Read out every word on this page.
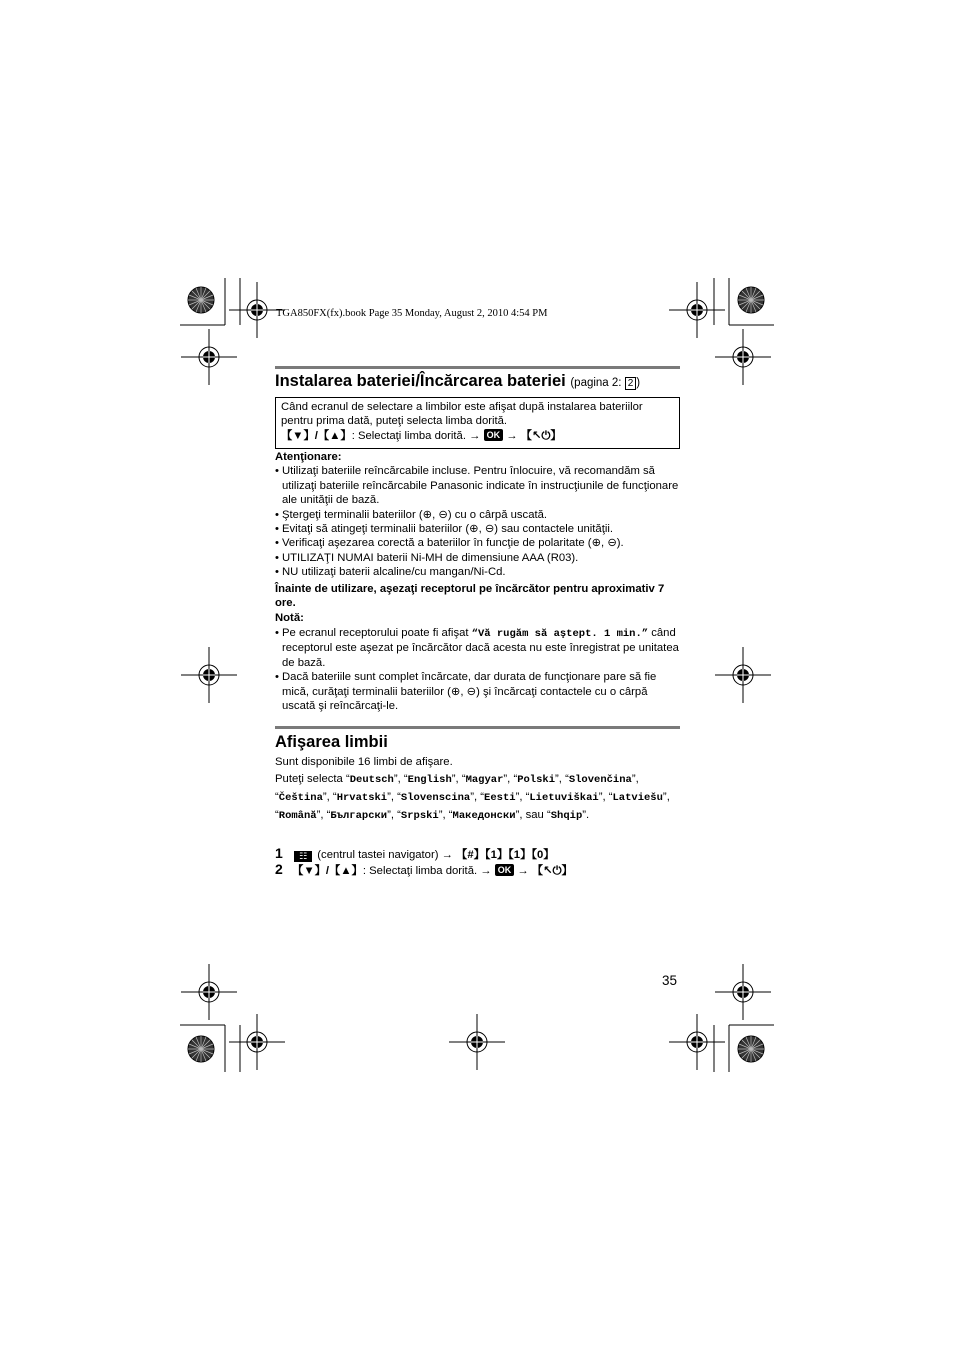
TGA850FX(fx).book Page 35 Monday, August 2, 2010 4:54 PM
Instalarea bateriei/Încărcarea bateriei (pagina 2: 2 )
Când ecranul de selectare a limbilor este afişat după instalarea bateriilor pentru prima dată, puteţi selecta limba dorită.
【▼】/【▲】: Selectaţi limba dorită. → OK → 【↖⏻】
Atenţionare:
• Utilizaţi bateriile reîncărcabile incluse. Pentru înlocuire, vă recomandăm să utilizaţi bateriile reîncărcabile Panasonic indicate în instrucţiunile de funcţionare ale unităţii de bază.
• Ştergeţi terminalii bateriilor (⊕, ⊖) cu o cârpă uscată.
• Evitaţi să atingeţi terminalii bateriilor (⊕, ⊖) sau contactele unităţii.
• Verificaţi aşezarea corectă a bateriilor în funcţie de polaritate (⊕, ⊖).
• UTILIZAŢI NUMAI baterii Ni-MH de dimensiune AAA (R03).
• NU utilizaţi baterii alcaline/cu mangan/Ni-Cd.
Înainte de utilizare, aşezaţi receptorul pe încărcător pentru aproximativ 7 ore.
Notă:
• Pe ecranul receptorului poate fi afişat “Vă rugăm să aştept. 1 min.” când receptorul este aşezat pe încărcător dacă acesta nu este înregistrat pe unitatea de bază.
• Dacă bateriile sunt complet încărcate, dar durata de funcţionare pare să fie mică, curăţaţi terminalii bateriilor (⊕, ⊖) şi încărcaţi contactele cu o cârpă uscată şi reîncărcaţi-le.
Afişarea limbii
Sunt disponibile 16 limbi de afişare.
Puteţi selecta “Deutsch”, “English”, “Magyar”, “Polski”, “Slovenčina”, “Čeština”, “Hrvatski”, “Slovenscina”, “Eesti”, “Lietuviškai”, “Latviešu”, “Română”, “Български”, “Srpski”, “Македонски”, sau “Shqip”.
1 ☷ (centrul tastei navigator) → 【#】【1】【1】【0】
2 【▼】/【▲】: Selectaţi limba dorită. → OK → 【↖⏻】
35
